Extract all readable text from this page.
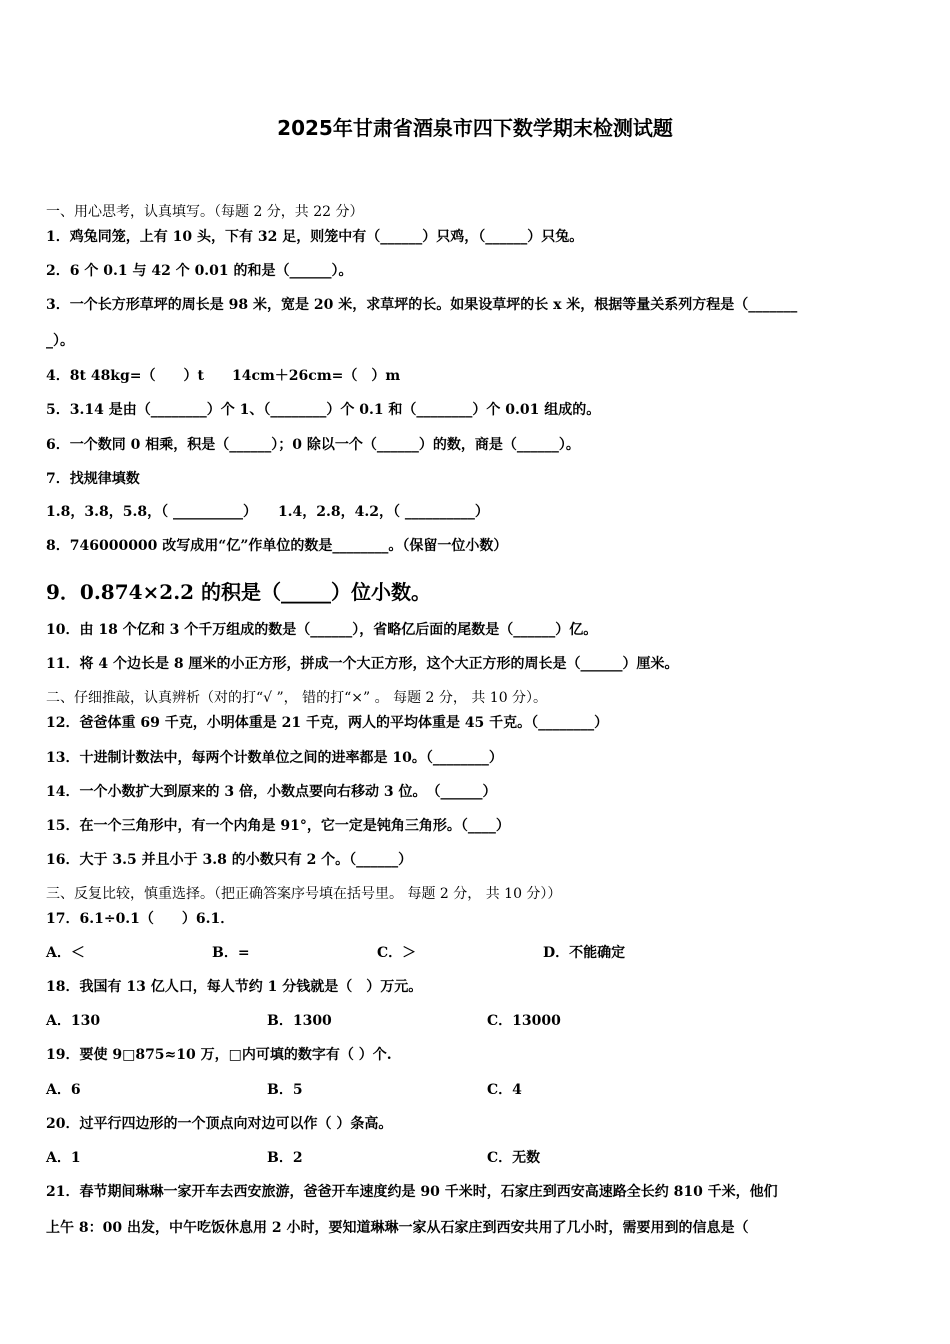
2025年甘肃省酒泉市四下数学期末检测试题
一、用心思考，认真填写。（每题 2 分，共 22 分）
1．鸡兔同笼，上有 10 头，下有 32 足，则笼中有（______）只鸡，（______）只兔。
2．6 个 0.1 与 42 个 0.01 的和是（______）。
3．一个长方形草坪的周长是 98 米，宽是 20 米，求草坪的长。如果设草坪的长 x 米，根据等量关系列方程是（_______
_）。
4．8t 48kg=（　　）t　　14cm＋26cm=（　）m
5．3.14 是由（________）个 1、（________）个 0.1 和（________）个 0.01 组成的。
6．一个数同 0 相乘，积是（______）；0 除以一个（______）的数，商是（______）。
7．找规律填数
1.8，3.8，5.8，（ __________）　　1.4，2.8，4.2，（ __________）
8．746000000 改写成用“亿”作单位的数是________。（保留一位小数）
9．0.874×2.2 的积是（_____）位小数。
10．由 18 个亿和 3 个千万组成的数是（______），省略亿后面的尾数是（______）亿。
11．将 4 个边长是 8 厘米的小正方形，拼成一个大正方形，这个大正方形的周长是（______）厘米。
二、仔细推敲，认真辨析（对的打“√ ”， 错的打“×” 。 每题 2 分， 共 10 分）。
12．爸爸体重 69 千克，小明体重是 21 千克，两人的平均体重是 45 千克。（________）
13．十进制计数法中，每两个计数单位之间的进率都是 10。（________）
14．一个小数扩大到原来的 3 倍，小数点要向右移动 3 位。　（______）
15．在一个三角形中，有一个内角是 91°，它一定是钝角三角形。（____）
16．大于 3.5 并且小于 3.8 的小数只有 2 个。（______）
三、反复比较，慎重选择。（把正确答案序号填在括号里。 每题 2 分， 共 10 分））
17．6.1÷0.1（　　）6.1．
A．＜	B．=	C．＞	D．不能确定
18．我国有 13 亿人口，每人节约 1 分钱就是（　）万元。
A．130	B．1300	C．13000
19．要使 9□875≈10 万，□内可填的数字有（ ）个.
A．6	B．5	C．4
20．过平行四边形的一个顶点向对边可以作（ ）条高。
A．1	B．2	C．无数
21．春节期间琳琳一家开车去西安旅游，爸爸开车速度约是 90 千米时，石家庄到西安高速路全长约 810 千米，他们
上午 8：00 出发，中午吃饭休息用 2 小时，要知道琳琳一家从石家庄到西安共用了几小时，需要用到的信息是（
